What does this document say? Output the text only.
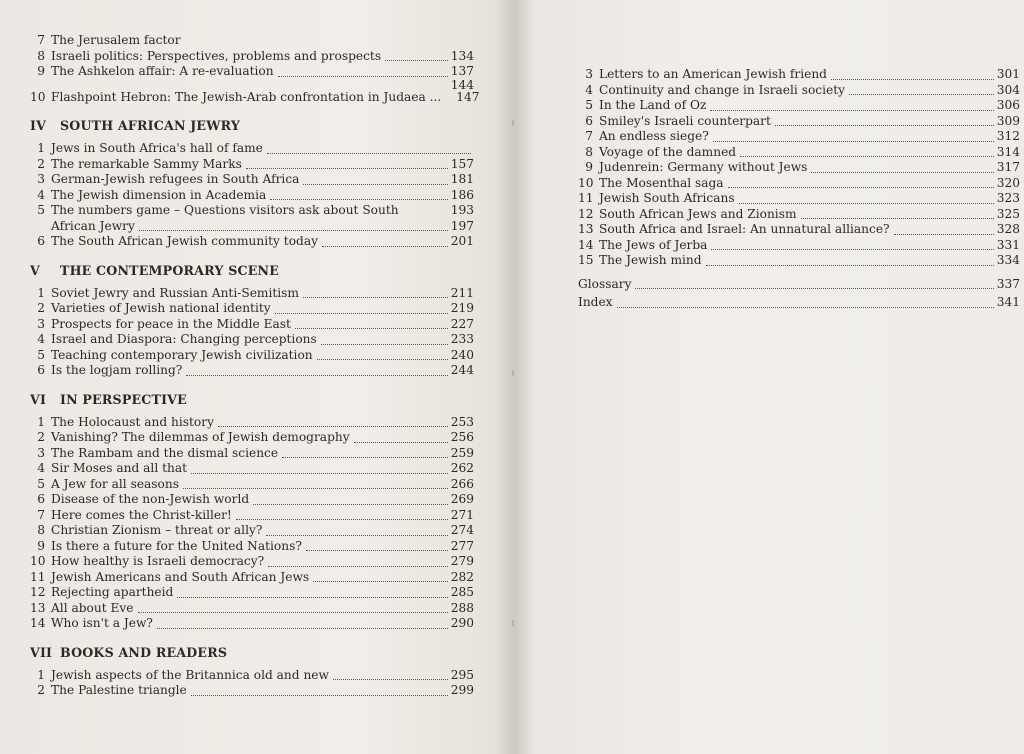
7 The Jerusalem factor
8 Israeli politics: Perspectives, problems and prospects	134
9 The Ashkelon affair: A re-evaluation	137
144
10 Flashpoint Hebron: The Jewish-Arab confrontation in Judaea ... 147
IV	SOUTH AFRICAN JEWRY
1 Jews in South Africa's hall of fame
2 The remarkable Sammy Marks	157
3 German-Jewish refugees in South Africa	181
4 The Jewish dimension in Academia	186
5 The numbers game – Questions visitors ask about South	193
African Jewry	197
6 The South African Jewish community today	201
V	THE CONTEMPORARY SCENE
1 Soviet Jewry and Russian Anti-Semitism	211
2 Varieties of Jewish national identity	219
3 Prospects for peace in the Middle East	227
4 Israel and Diaspora: Changing perceptions	233
5 Teaching contemporary Jewish civilization	240
6 Is the logjam rolling?	244
VI	IN PERSPECTIVE
1 The Holocaust and history	253
2 Vanishing? The dilemmas of Jewish demography	256
3 The Rambam and the dismal science	259
4 Sir Moses and all that	262
5 A Jew for all seasons	266
6 Disease of the non-Jewish world	269
7 Here comes the Christ-killer!	271
8 Christian Zionism – threat or ally?	274
9 Is there a future for the United Nations?	277
10 How healthy is Israeli democracy?	279
11 Jewish Americans and South African Jews	282
12 Rejecting apartheid	285
13 All about Eve	288
14 Who isn't a Jew?	290
VII BOOKS AND READERS
1 Jewish aspects of the Britannica old and new	295
2 The Palestine triangle	299
3 Letters to an American Jewish friend	301
4 Continuity and change in Israeli society	304
5 In the Land of Oz	306
6 Smiley's Israeli counterpart	309
7 An endless siege?	312
8 Voyage of the damned	314
9 Judenrein: Germany without Jews	317
10 The Mosenthal saga	320
11 Jewish South Africans	323
12 South African Jews and Zionism	325
13 South Africa and Israel: An unnatural alliance?	328
14 The Jews of Jerba	331
15 The Jewish mind	334
Glossary	337
Index	341
